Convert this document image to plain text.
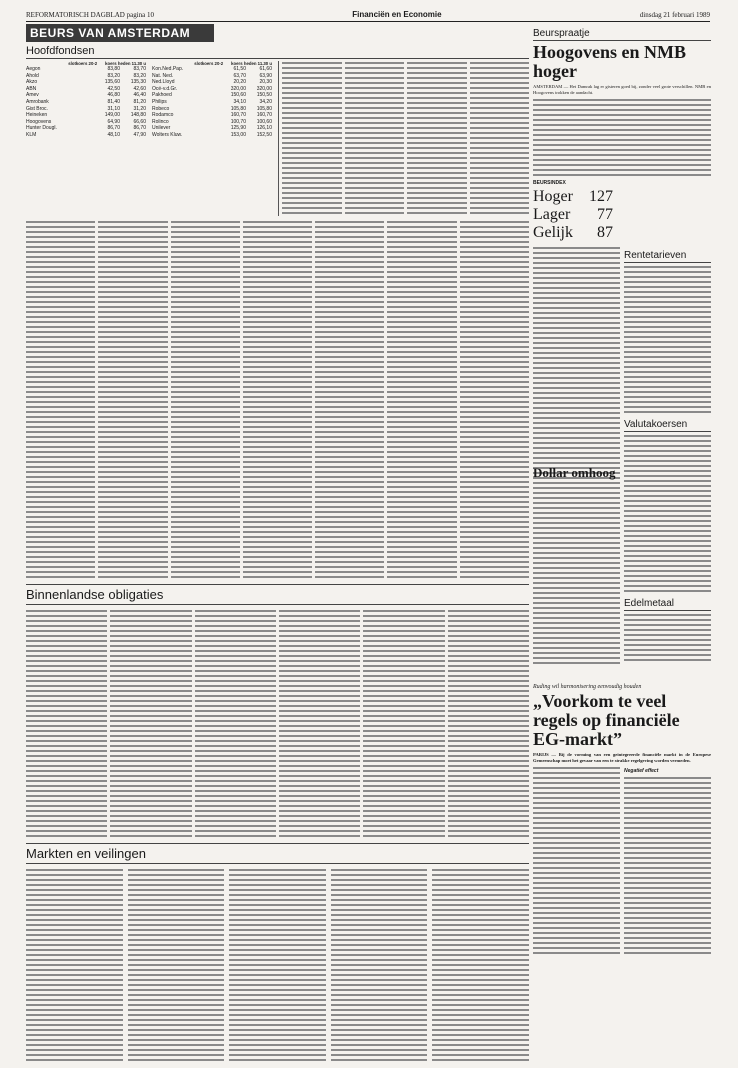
REFORMATORISCH DAGBLAD pagina 10	Financiën en Economie	dinsdag 21 februari 1989
BEURS VAN AMSTERDAM
Hoofdfondsen
slotkoers 20-2 koers heden 11.30 u
Aegon	83,80	83,70
Ahold	83,20	83,20
Akzo	135,60	135,30
ABN	42,50	42,60
Amev	46,80	46,40
Amrobank	81,40	81,20
Gist Broc.	31,10	31,20
Heineken	149,00	148,80
Hoogovens	64,90	66,60
Hunter Dougl.	86,70	86,70
KLM	48,10	47,90
slotkoers 20-2 koers heden 11.30 u
Kon.Ned.Pap.	61,50	61,60
Nat. Ned.	63,70	63,90
Ned.Lloyd	20,20	20,30
Océ-v.d.Gr.	320,00	320,00
Pakhoed	150,60	150,50
Philips	34,10	34,20
Robeco	105,80	105,80
Rodamco	160,70	160,70
Rolinco	100,70	100,60
Unilever	125,90	126,10
Wolters Kluw.	153,00	152,50
Binnenlandse obligaties
Markten en veilingen
Beurspraatje
Hoogovens en NMB hoger
AMSTERDAM — Het Damrak lag er gisteren goed bij, zonder veel grote verschillen. NMB en Hoogovens trokken de aandacht.
BEURSINDEX
Hoger	127
Lager	77
Gelijk	87
Rentetarieven
Valutakoersen
Edelmetaal
Dollar omhoog
Ruding wil harmonisering eenvoudig houden
„Voorkom te veel regels op financiële EG-markt”
PARIJS — Bij de vorming van een geïntegreerde financiële markt in de Europese Gemeenschap moet het gevaar van een te strakke regelgeving worden vermeden.
Negatief effect
